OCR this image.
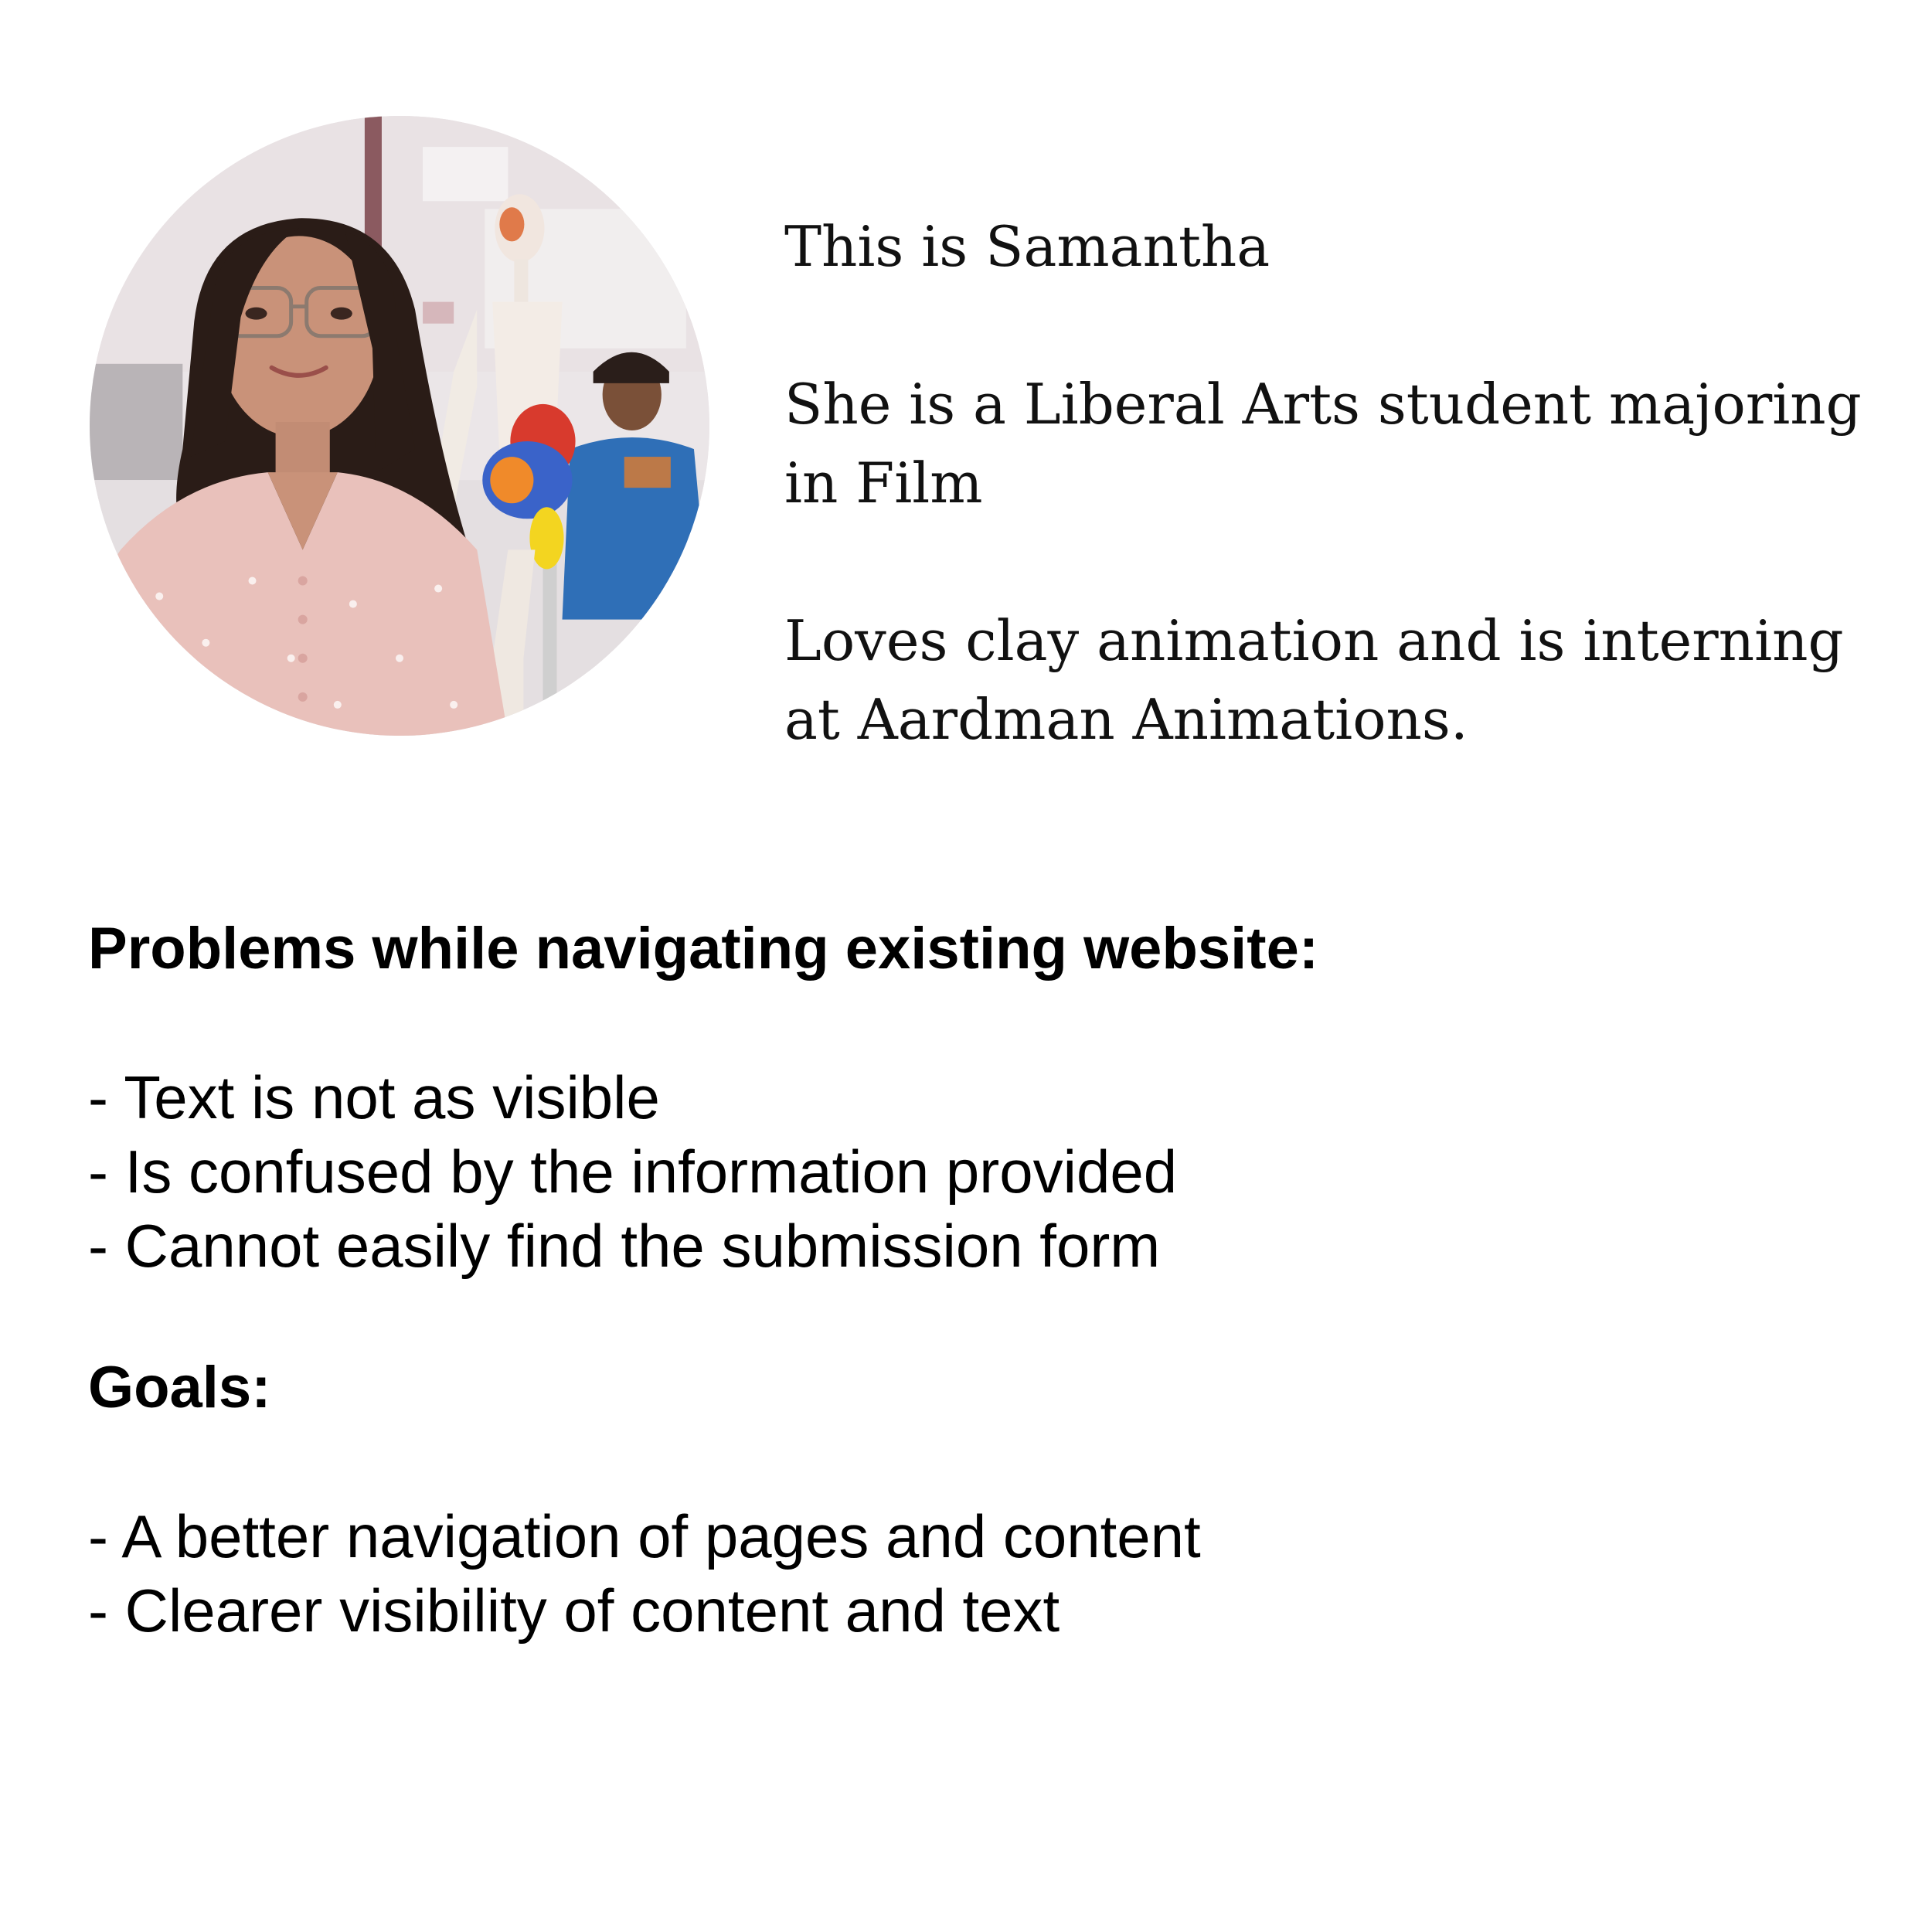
This is Samantha

She is a Liberal Arts student majoring in Film

Loves clay animation and is interning at Aardman Animations.

Problems while navigating existing website:
- Text is not as visible
- Is confused by the information provided
- Cannot easily find the submission form
Goals:
- A better navigation of pages and content
- Clearer visibility of content and text
